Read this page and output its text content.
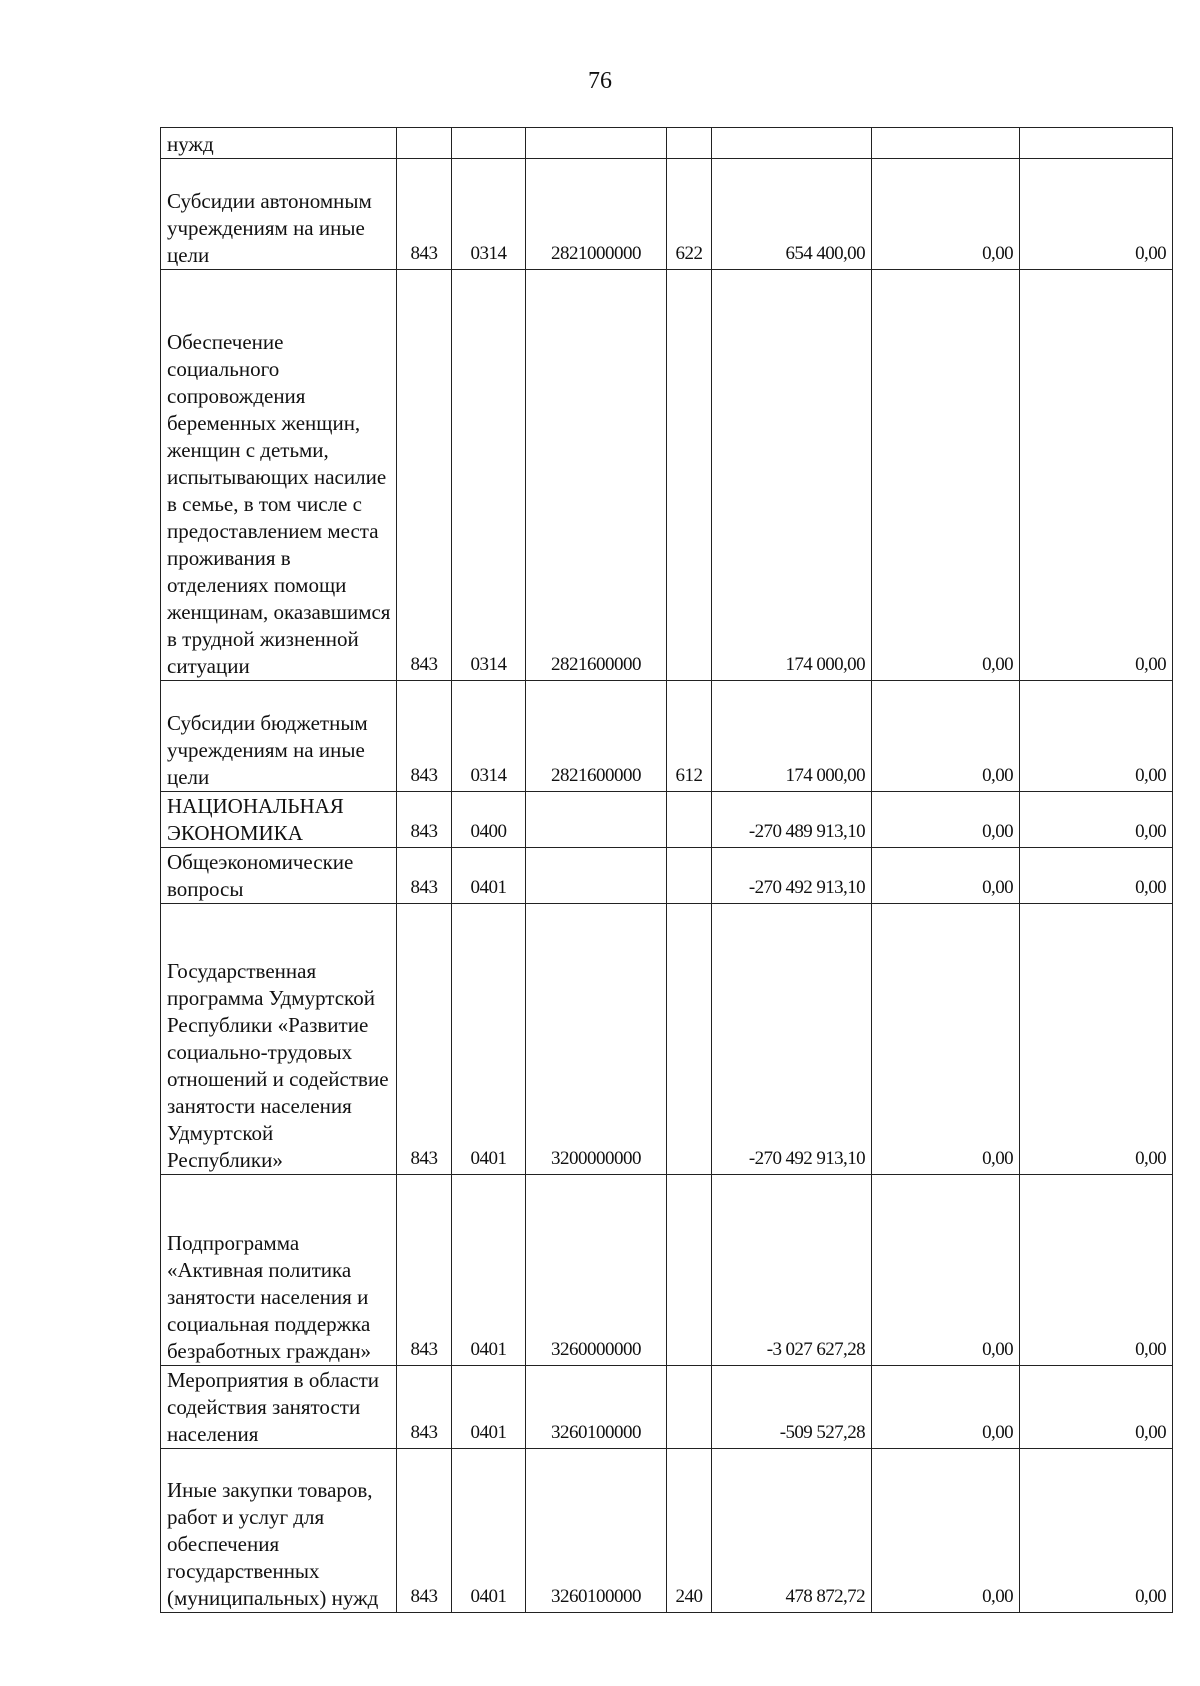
76
нужд							
Субсидии автономным учреждениям на иные цели	843	0314	2821000000	622	654 400,00	0,00	0,00
Обеспечение социального сопровождения беременных женщин, женщин с детьми, испытывающих насилие в семье, в том числе с предоставлением места проживания в отделениях помощи женщинам, оказавшимся в трудной жизненной ситуации	843	0314	2821600000		174 000,00	0,00	0,00
Субсидии бюджетным учреждениям на иные цели	843	0314	2821600000	612	174 000,00	0,00	0,00
НАЦИОНАЛЬНАЯ ЭКОНОМИКА	843	0400			-270 489 913,10	0,00	0,00
Общеэкономические вопросы	843	0401			-270 492 913,10	0,00	0,00
Государственная программа Удмуртской Республики «Развитие социально-трудовых отношений и содействие занятости населения Удмуртской Республики»	843	0401	3200000000		-270 492 913,10	0,00	0,00
Подпрограмма «Активная политика занятости населения и социальная поддержка безработных граждан»	843	0401	3260000000		-3 027 627,28	0,00	0,00
Мероприятия в области содействия занятости населения	843	0401	3260100000		-509 527,28	0,00	0,00
Иные закупки товаров, работ и услуг для обеспечения государственных (муниципальных) нужд	843	0401	3260100000	240	478 872,72	0,00	0,00
